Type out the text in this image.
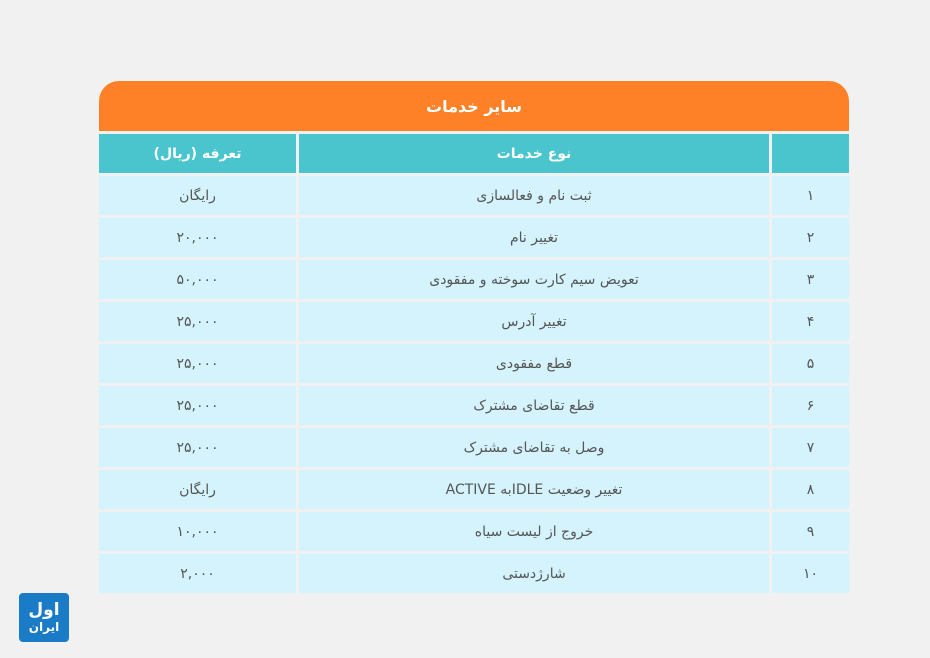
سایر خدمات
نوع خدمات
تعرفه (ریال)
۱
ثبت نام و فعالسازی
رایگان
۲
تغییر نام
۲۰,۰۰۰
۳
تعویض سیم کارت سوخته و مفقودی
۵۰,۰۰۰
۴
تغییر آدرس
۲۵,۰۰۰
۵
قطع مفقودی
۲۵,۰۰۰
۶
قطع تقاضای مشترک
۲۵,۰۰۰
۷
وصل به تقاضای مشترک
۲۵,۰۰۰
۸
تغییر وضعیت IDLEبه ACTIVE
رایگان
۹
خروج از لیست سیاه
۱۰,۰۰۰
۱۰
شارژدستی
۲,۰۰۰
اول
ایران
